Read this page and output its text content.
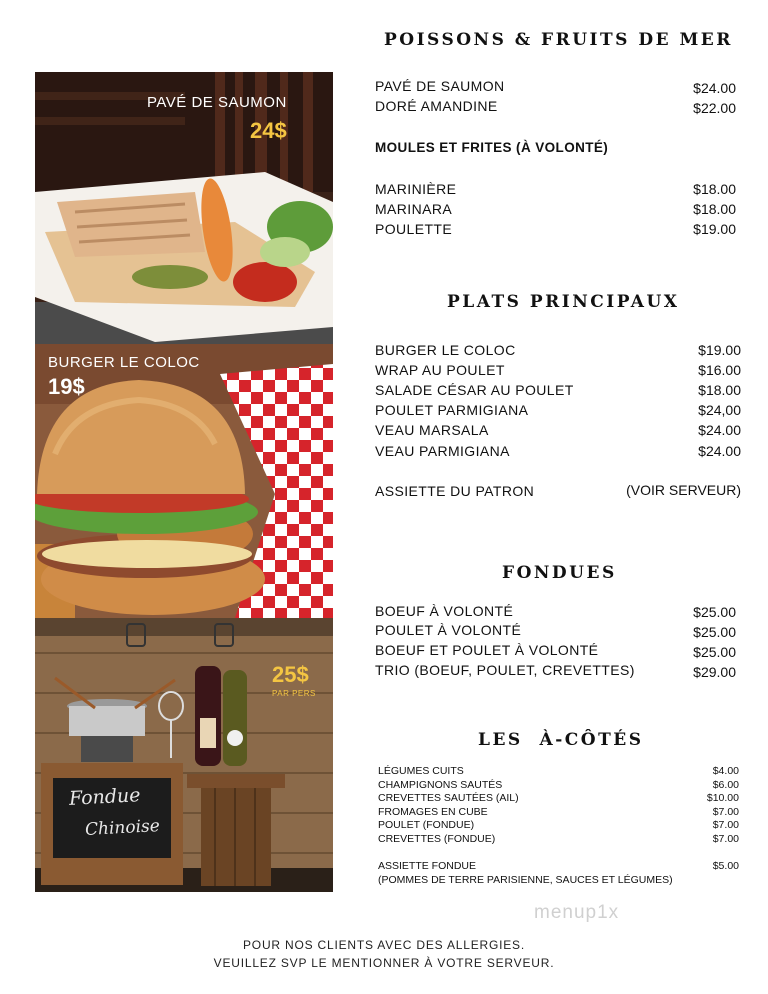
PAVÉ DE SAUMON
24$
BURGER LE COLOC
19$
Fondue
Chinoise
25$
PAR PERS
POISSONS & FRUITS DE MER
PAVÉ DE SAUMON	$24.00
DORÉ AMANDINE	$22.00
MOULES ET FRITES (À VOLONTÉ)
MARINIÈRE	$18.00
MARINARA	$18.00
POULETTE	$19.00
PLATS PRINCIPAUX
BURGER LE COLOC	$19.00
WRAP AU POULET	$16.00
SALADE CÉSAR AU POULET	$18.00
POULET PARMIGIANA	$24,00
VEAU MARSALA	$24.00
VEAU PARMIGIANA	$24.00
ASSIETTE DU PATRON	(VOIR SERVEUR)
FONDUES
BOEUF À VOLONTÉ	$25.00
POULET À VOLONTÉ	$25.00
BOEUF ET POULET À VOLONTÉ	$25.00
TRIO (BOEUF, POULET, CREVETTES)	$29.00
LES  À-CÔTÉS
LÉGUMES CUITS	$4.00
CHAMPIGNONS SAUTÉS	$6.00
CREVETTES SAUTÉES (AIL)	$10.00
FROMAGES EN CUBE	$7.00
POULET (FONDUE)	$7.00
CREVETTES (FONDUE)	$7.00
ASSIETTE FONDUE	$5.00
(POMMES DE TERRE PARISIENNE, SAUCES ET LÉGUMES)
menup1x
POUR NOS CLIENTS AVEC DES ALLERGIES.
VEUILLEZ SVP LE MENTIONNER À VOTRE SERVEUR.
